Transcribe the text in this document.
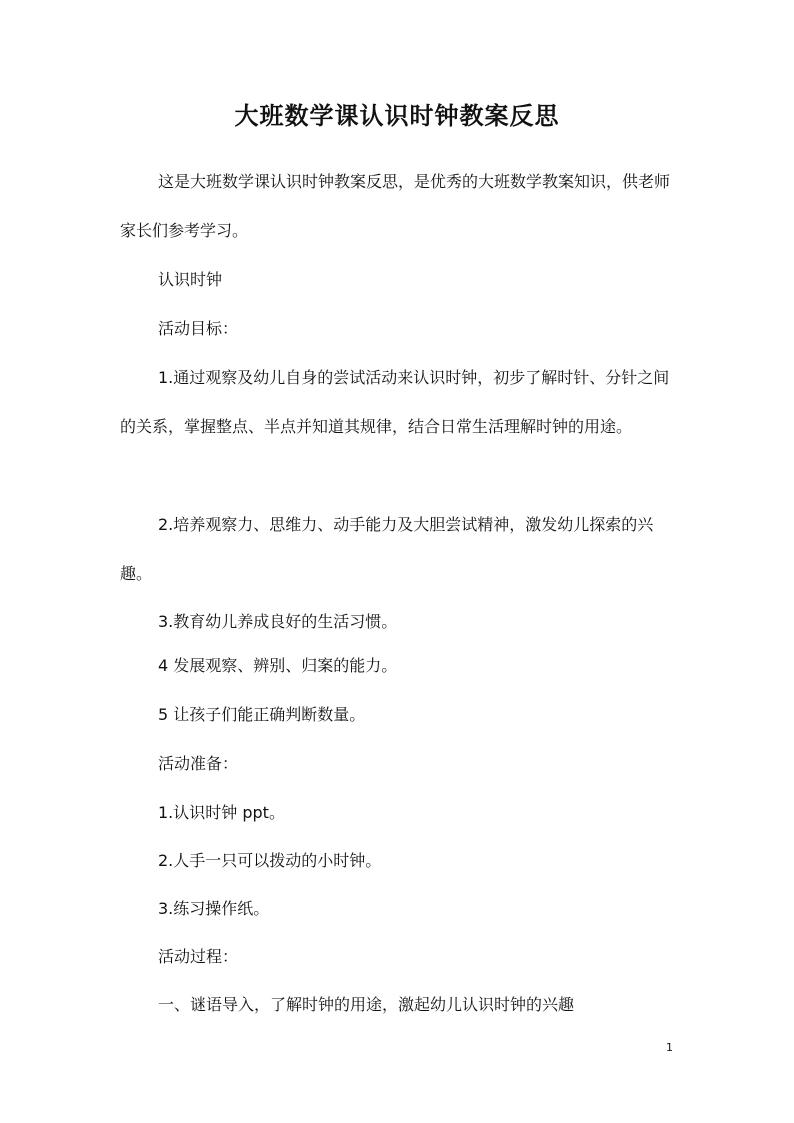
大班数学课认识时钟教案反思

这是大班数学课认识时钟教案反思，是优秀的大班数学教案知识，供老师家长们参考学习。

认识时钟

活动目标：

1.通过观察及幼儿自身的尝试活动来认识时钟，初步了解时针、分针之间的关系，掌握整点、半点并知道其规律，结合日常生活理解时钟的用途。

2.培养观察力、思维力、动手能力及大胆尝试精神，激发幼儿探索的兴趣。

3.教育幼儿养成良好的生活习惯。

4 发展观察、辨别、归案的能力。

5 让孩子们能正确判断数量。

活动准备：

1.认识时钟 ppt。

2.人手一只可以拨动的小时钟。

3.练习操作纸。

活动过程：

一、谜语导入，了解时钟的用途，激起幼儿认识时钟的兴趣

1
